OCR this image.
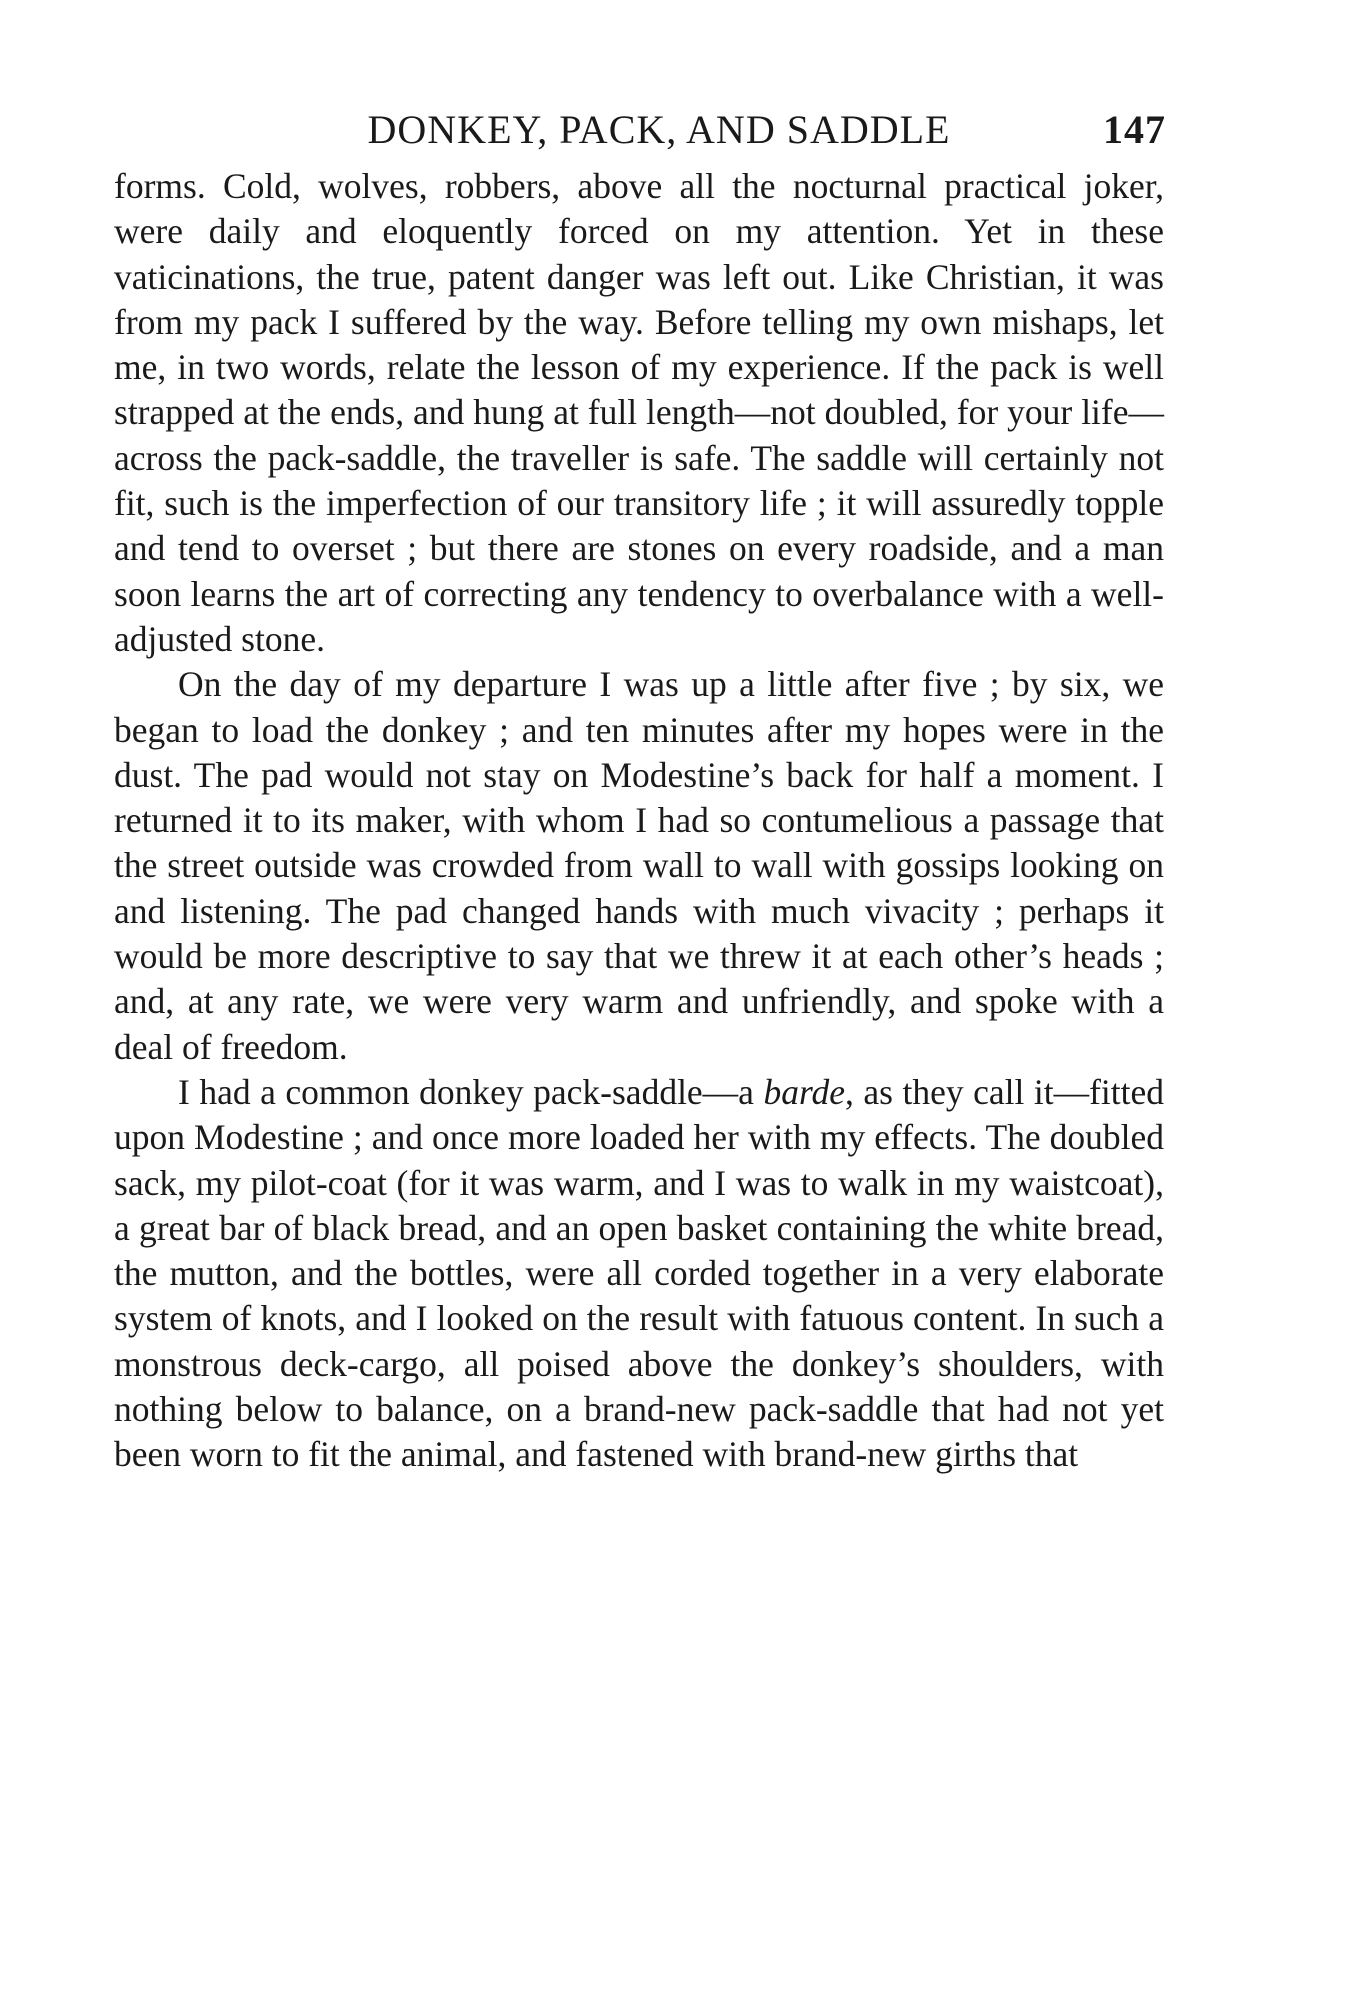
DONKEY, PACK, AND SADDLE	147

forms. Cold, wolves, robbers, above all the nocturnal practical joker, were daily and eloquently forced on my attention. Yet in these vaticinations, the true, patent danger was left out. Like Christian, it was from my pack I suffered by the way. Before telling my own mishaps, let me, in two words, relate the lesson of my experience. If the pack is well strapped at the ends, and hung at full length—not doubled, for your life—across the pack-saddle, the traveller is safe. The saddle will certainly not fit, such is the imperfection of our transitory life ; it will assuredly topple and tend to overset ; but there are stones on every roadside, and a man soon learns the art of correcting any tendency to overbalance with a well-adjusted stone.

On the day of my departure I was up a little after five ; by six, we began to load the donkey ; and ten minutes after my hopes were in the dust. The pad would not stay on Modestine’s back for half a moment. I returned it to its maker, with whom I had so contumelious a passage that the street outside was crowded from wall to wall with gossips looking on and listening. The pad changed hands with much vivacity ; perhaps it would be more descriptive to say that we threw it at each other’s heads ; and, at any rate, we were very warm and unfriendly, and spoke with a deal of freedom.

I had a common donkey pack-saddle—a barde, as they call it—fitted upon Modestine ; and once more loaded her with my effects. The doubled sack, my pilot-coat (for it was warm, and I was to walk in my waistcoat), a great bar of black bread, and an open basket containing the white bread, the mutton, and the bottles, were all corded together in a very elaborate system of knots, and I looked on the result with fatuous content. In such a monstrous deck-cargo, all poised above the donkey’s shoulders, with nothing below to balance, on a brand-new pack-saddle that had not yet been worn to fit the animal, and fastened with brand-new girths that
